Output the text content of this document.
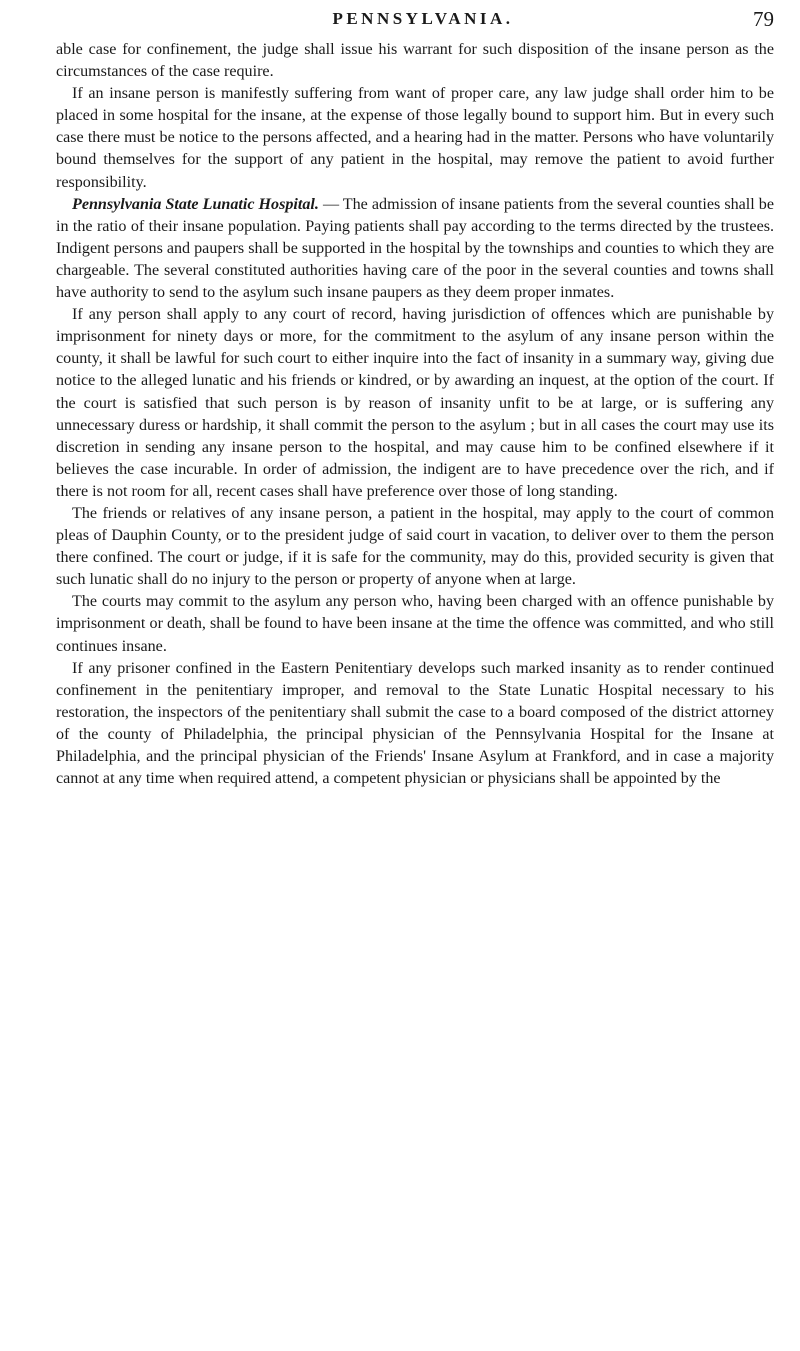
PENNSYLVANIA.	79

able case for confinement, the judge shall issue his warrant for such disposition of the insane person as the circumstances of the case require.

If an insane person is manifestly suffering from want of proper care, any law judge shall order him to be placed in some hospital for the insane, at the expense of those legally bound to support him. But in every such case there must be notice to the persons affected, and a hearing had in the matter. Persons who have voluntarily bound themselves for the support of any patient in the hospital, may remove the patient to avoid further responsibility.

Pennsylvania State Lunatic Hospital. — The admission of insane patients from the several counties shall be in the ratio of their insane population. Paying patients shall pay according to the terms directed by the trustees. Indigent persons and paupers shall be supported in the hospital by the townships and counties to which they are chargeable. The several constituted authorities having care of the poor in the several counties and towns shall have authority to send to the asylum such insane paupers as they deem proper inmates.

If any person shall apply to any court of record, having jurisdiction of offences which are punishable by imprisonment for ninety days or more, for the commitment to the asylum of any insane person within the county, it shall be lawful for such court to either inquire into the fact of insanity in a summary way, giving due notice to the alleged lunatic and his friends or kindred, or by awarding an inquest, at the option of the court. If the court is satisfied that such person is by reason of insanity unfit to be at large, or is suffering any unnecessary duress or hardship, it shall commit the person to the asylum ; but in all cases the court may use its discretion in sending any insane person to the hospital, and may cause him to be confined elsewhere if it believes the case incurable. In order of admission, the indigent are to have precedence over the rich, and if there is not room for all, recent cases shall have preference over those of long standing.

The friends or relatives of any insane person, a patient in the hospital, may apply to the court of common pleas of Dauphin County, or to the president judge of said court in vacation, to deliver over to them the person there confined. The court or judge, if it is safe for the community, may do this, provided security is given that such lunatic shall do no injury to the person or property of anyone when at large.

The courts may commit to the asylum any person who, having been charged with an offence punishable by imprisonment or death, shall be found to have been insane at the time the offence was committed, and who still continues insane.

If any prisoner confined in the Eastern Penitentiary develops such marked insanity as to render continued confinement in the penitentiary improper, and removal to the State Lunatic Hospital necessary to his restoration, the inspectors of the penitentiary shall submit the case to a board composed of the district attorney of the county of Philadelphia, the principal physician of the Pennsylvania Hospital for the Insane at Philadelphia, and the principal physician of the Friends' Insane Asylum at Frankford, and in case a majority cannot at any time when required attend, a competent physician or physicians shall be appointed by the
